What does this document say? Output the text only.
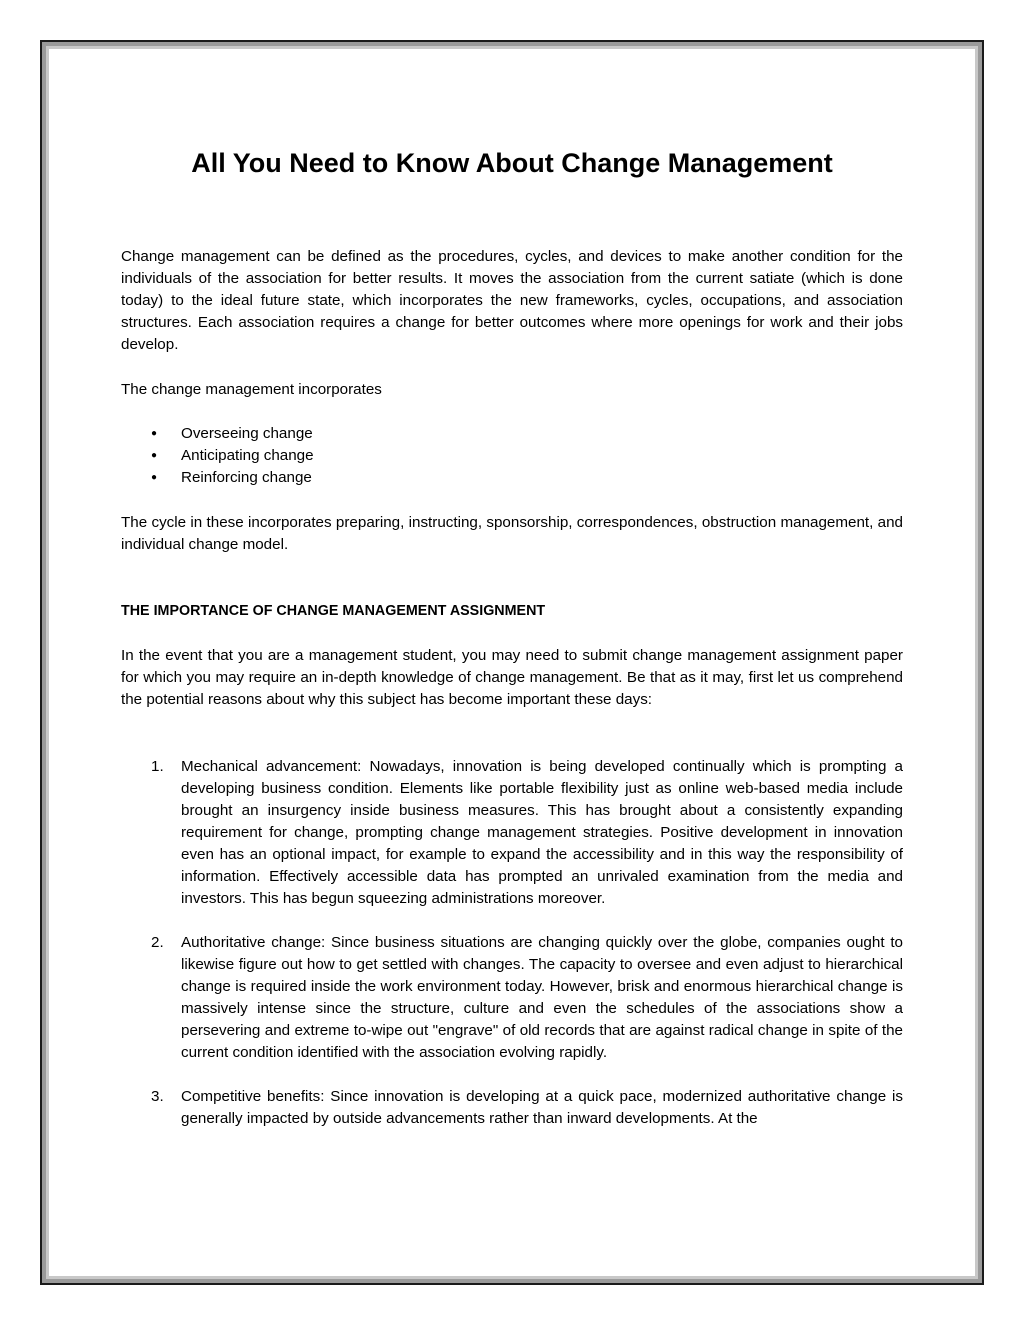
All You Need to Know About Change Management

Change management can be defined as the procedures, cycles, and devices to make another condition for the individuals of the association for better results. It moves the association from the current satiate (which is done today) to the ideal future state, which incorporates the new frameworks, cycles, occupations, and association structures. Each association requires a change for better outcomes where more openings for work and their jobs develop.

The change management incorporates

● Overseeing change
● Anticipating change
● Reinforcing change

The cycle in these incorporates preparing, instructing, sponsorship, correspondences, obstruction management, and individual change model.

THE IMPORTANCE OF CHANGE MANAGEMENT ASSIGNMENT

In the event that you are a management student, you may need to submit change management assignment paper for which you may require an in-depth knowledge of change management. Be that as it may, first let us comprehend the potential reasons about why this subject has become important these days:

1. Mechanical advancement: Nowadays, innovation is being developed continually which is prompting a developing business condition. Elements like portable flexibility just as online web-based media include brought an insurgency inside business measures. This has brought about a consistently expanding requirement for change, prompting change management strategies. Positive development in innovation even has an optional impact, for example to expand the accessibility and in this way the responsibility of information. Effectively accessible data has prompted an unrivaled examination from the media and investors. This has begun squeezing administrations moreover.
2. Authoritative change: Since business situations are changing quickly over the globe, companies ought to likewise figure out how to get settled with changes. The capacity to oversee and even adjust to hierarchical change is required inside the work environment today. However, brisk and enormous hierarchical change is massively intense since the structure, culture and even the schedules of the associations show a persevering and extreme to-wipe out "engrave" of old records that are against radical change in spite of the current condition identified with the association evolving rapidly.
3. Competitive benefits: Since innovation is developing at a quick pace, modernized authoritative change is generally impacted by outside advancements rather than inward developments. At the
